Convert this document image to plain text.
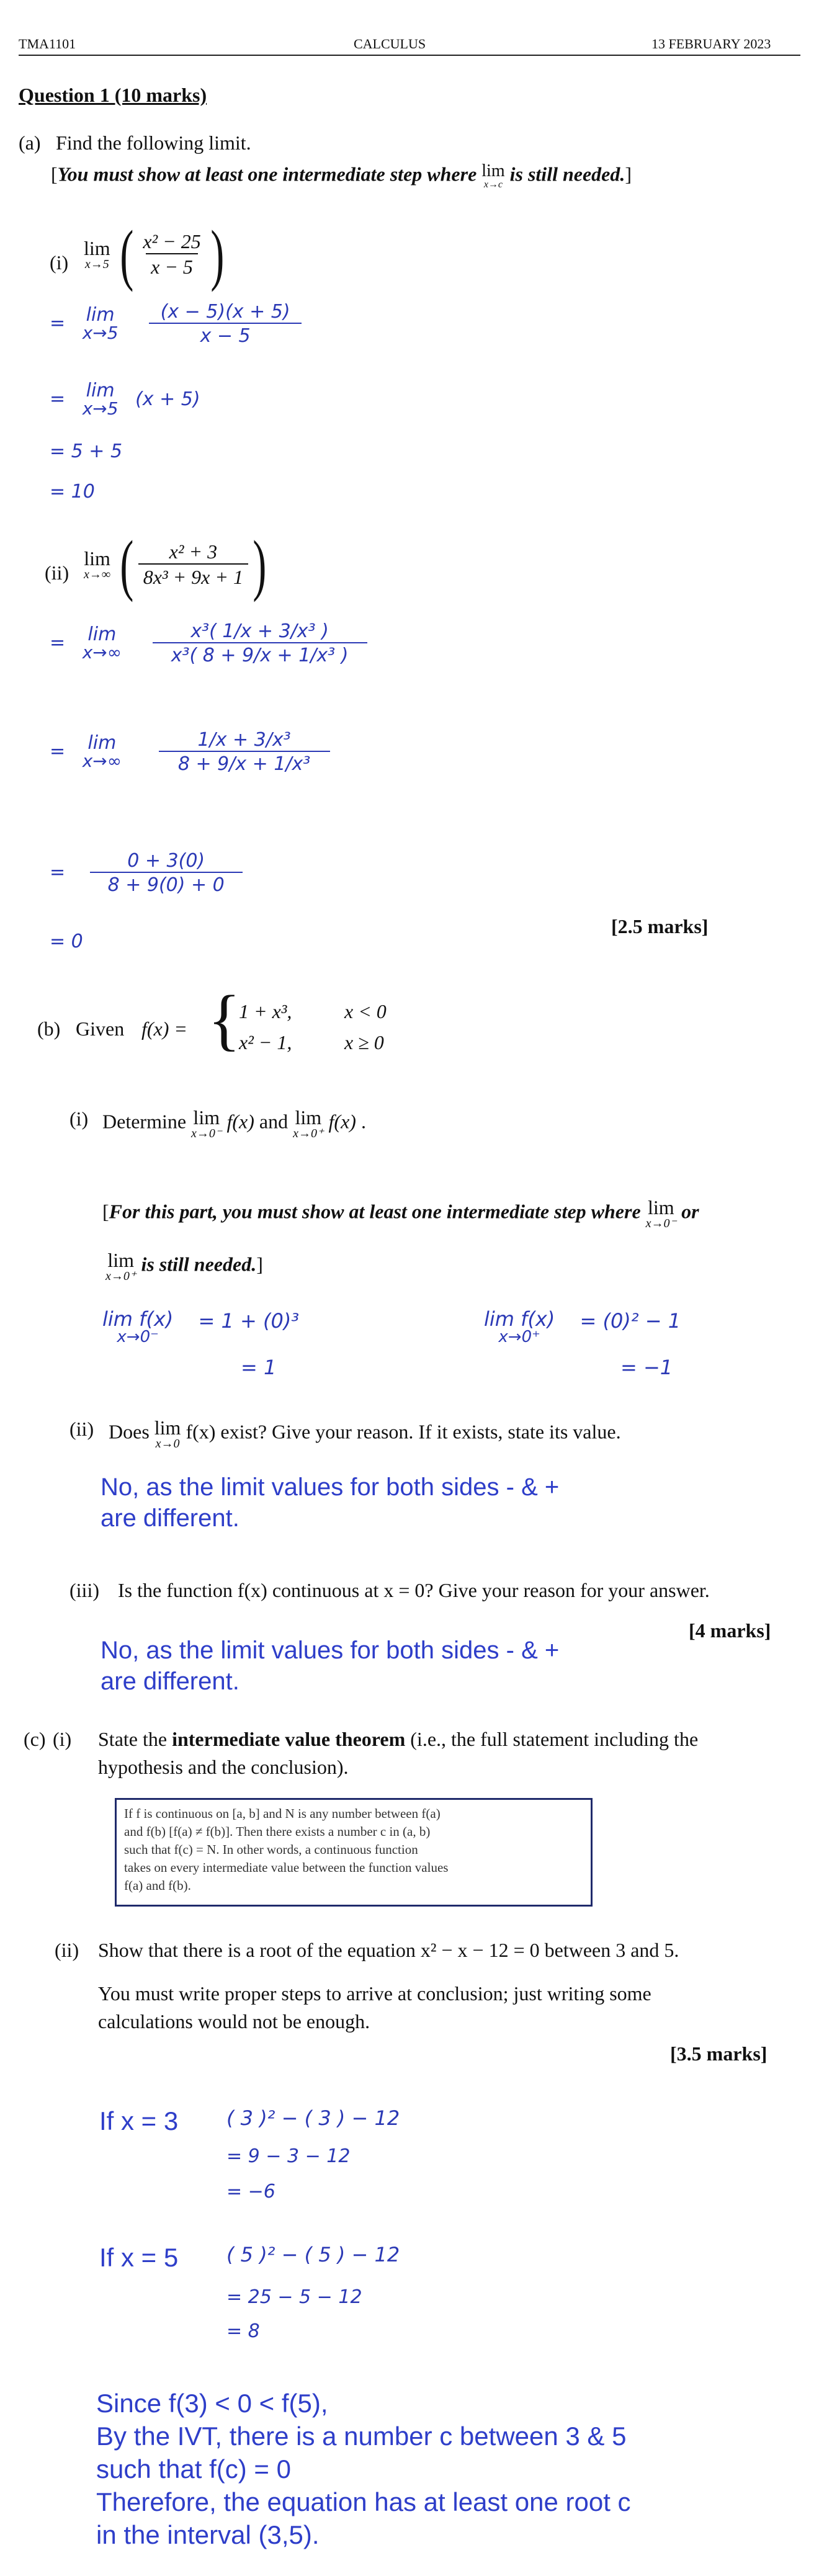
TMA1101	CALCULUS	13 FEBRUARY 2023
Question 1 (10 marks)
(a) Find the following limit.
[You must show at least one intermediate step where lim
x→c is still needed.]
(i)
lim
x→5 ( $\frac{\text{x² − 25}}{x - 5}$ )
= lim
x→5
$\frac{(x - 5)(x + 5)}{x - 5}$
= lim
x→5 (x + 5)
= 5 + 5
= 10
(ii)
lim
x→∞ ( $\frac{\text{x² + 3}}{\text{8x³ + 9x + 1}}$ )
= lim
x→∞
$\frac{\text{x³( 1/x + 3/x³ )}}{\text{x³( 8 + 9/x + 1/x³ )}}$
= lim
x→∞
$\frac{\text{1/x + 3/x³}}{\text{8 + 9/x + 1/x³}}$
= $\frac{0 + 3(0)}{8 + 9(0) + 0}$
= 0
[2.5 marks]
(b) Given f(x) = {
1 + x³,	x < 0
x² − 1,	x ≥ 0
(i) Determine lim
x→0⁻
f(x) and lim
x→0⁺
f(x) .
[For this part, you must show at least one intermediate step where lim
x→0⁻
or
lim
x→0⁺
is still needed.]
lim f(x)
x→0⁻
= 1 + (0)³
= 1
lim f(x)
x→0⁺
= (0)² − 1
= −1
(ii) Does lim
x→0
f(x) exist? Give your reason. If it exists, state its value.
No, as the limit values for both sides - & +
are different.
(iii) Is the function f(x) continuous at x = 0? Give your reason for your answer.
[4 marks]
No, as the limit values for both sides - & +
are different.
(c) (i) State the intermediate value theorem (i.e., the full statement including the
hypothesis and the conclusion).
If f is continuous on [a, b] and N is any number between f(a)
and f(b) [f(a) ≠ f(b)]. Then there exists a number c in (a, b)
such that f(c) = N. In other words, a continuous function
takes on every intermediate value between the function values
f(a) and f(b).
(ii) Show that there is a root of the equation x² − x − 12 = 0 between 3 and 5.
You must write proper steps to arrive at conclusion; just writing some
calculations would not be enough.
[3.5 marks]
If x = 3 ( 3 )² − ( 3 ) − 12
= 9 − 3 − 12
= −6
If x = 5 ( 5 )² − ( 5 ) − 12
= 25 − 5 − 12
= 8
Since f(3) < 0 < f(5),
By the IVT, there is a number c between 3 & 5
such that f(c) = 0
Therefore, the equation has at least one root c
in the interval (3,5).
